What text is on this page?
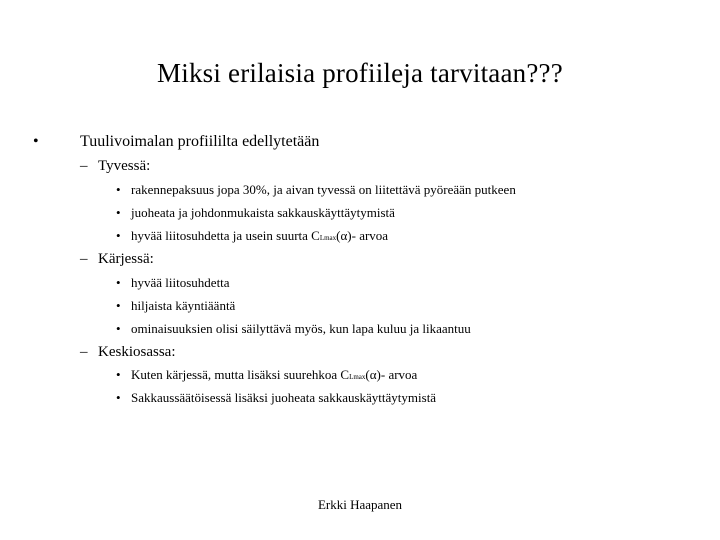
Miksi erilaisia profiileja tarvitaan???
•	Tuulivoimalan profiililta edellytetään
– Tyvessä:
• rakennepaksuus jopa 30%, ja aivan tyvessä on liitettävä pyöreään putkeen
• juoheata ja johdonmukaista sakkauskäyttäytymistä
• hyvää liitosuhdetta ja usein suurta CLmax(α)- arvoa
– Kärjessä:
• hyvää liitosuhdetta
• hiljaista käyntiääntä
• ominaisuuksien olisi säilyttävä myös, kun lapa kuluu ja likaantuu
– Keskiosassa:
• Kuten kärjessä, mutta lisäksi suurehkoa CLmax(α)- arvoa
• Sakkaussäätöisessä lisäksi juoheata sakkauskäyttäytymistä
Erkki Haapanen
